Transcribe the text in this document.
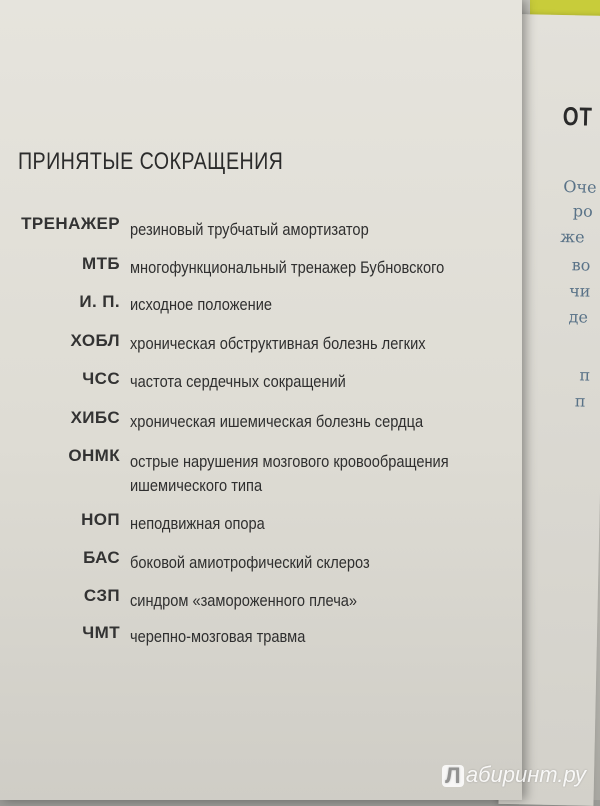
ОТ
Оче
ро
же
во
чи
де
п
п
ПРИНЯТЫЕ СОКРАЩЕНИЯ
ТРЕНАЖЕР резиновый трубчатый амортизатор
МТБ многофункциональный тренажер Бубновского
И. П. исходное положение
ХОБЛ хроническая обструктивная болезнь легких
ЧСС частота сердечных сокращений
ХИБС хроническая ишемическая болезнь сердца
ОНМК острые нарушения мозгового кровообращения
ишемического типа
НОП неподвижная опора
БАС боковой амиотрофический склероз
СЗП синдром «замороженного плеча»
ЧМТ черепно-мозговая травма
Л абиринт.ру
